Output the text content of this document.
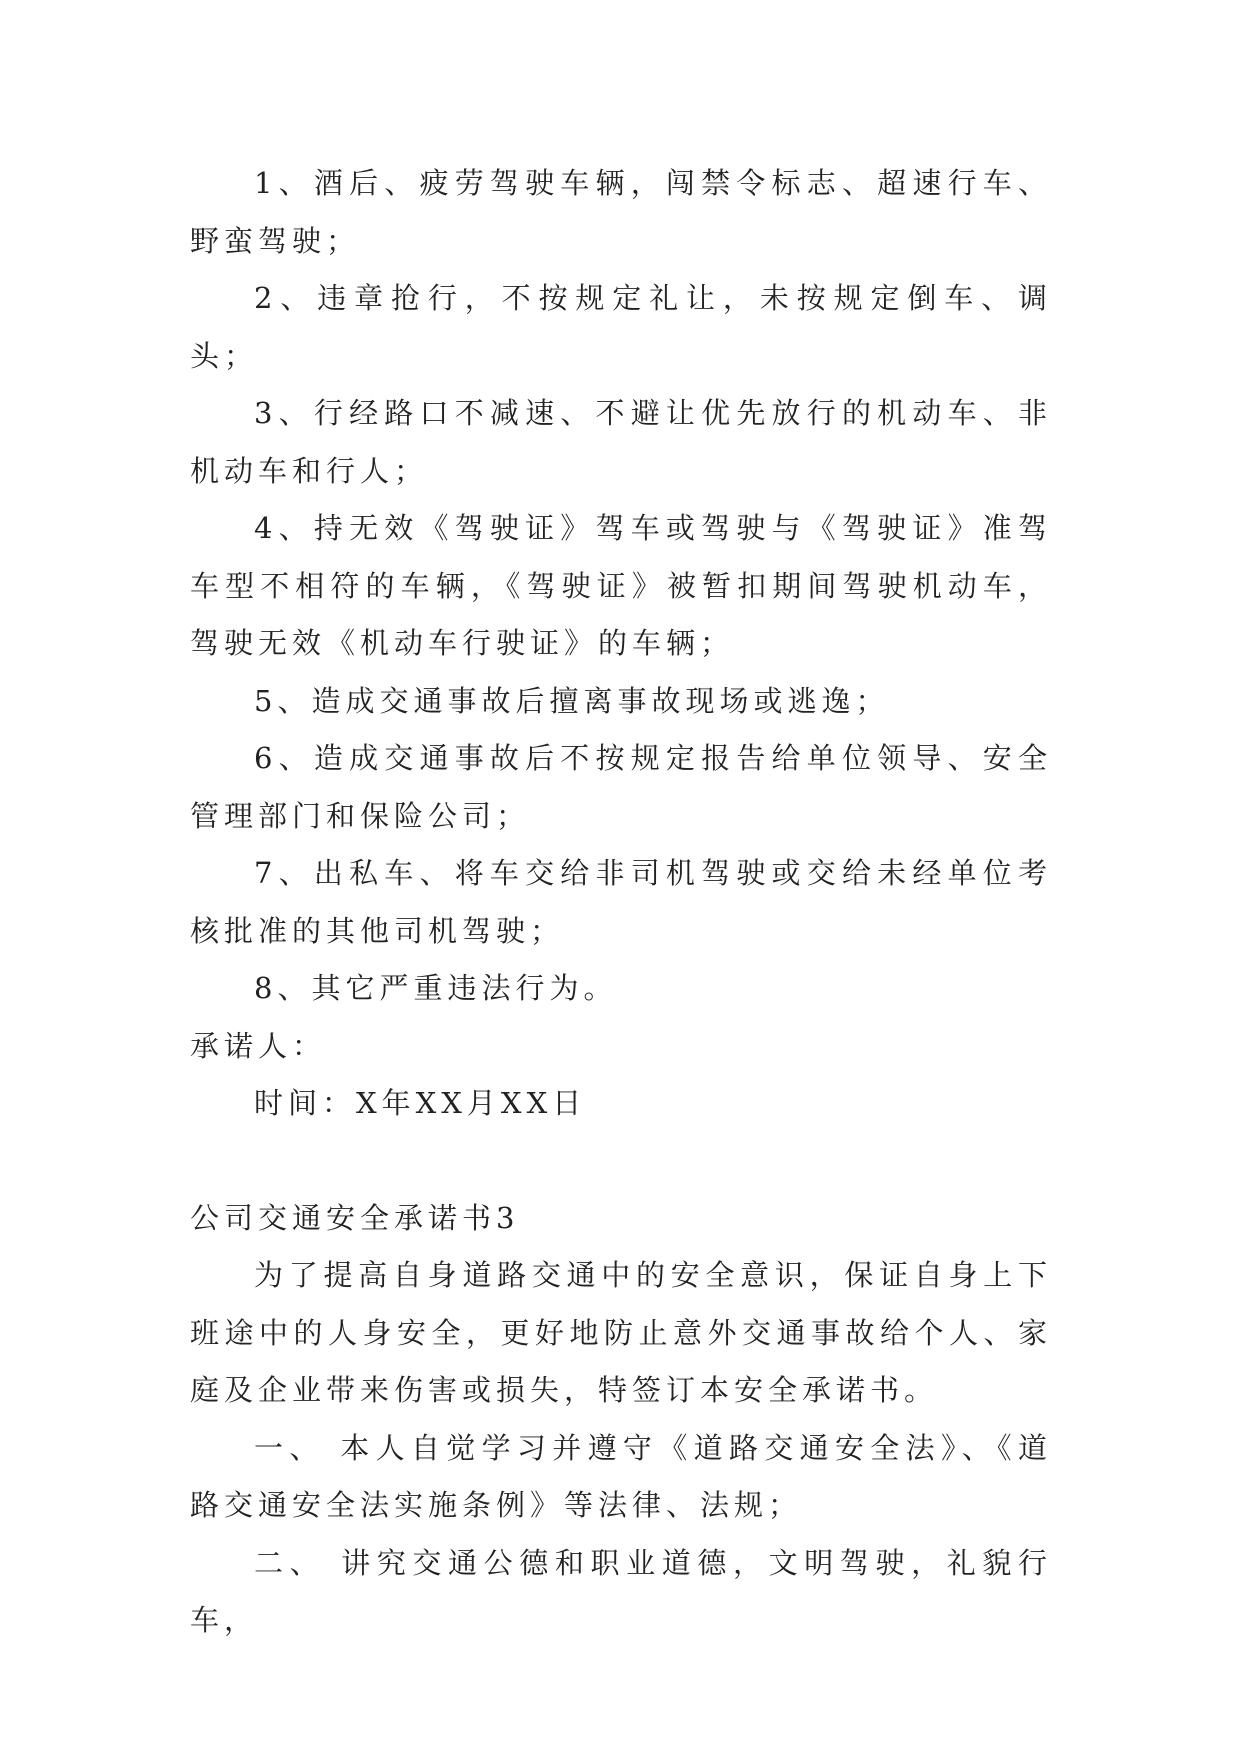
1、酒后、疲劳驾驶车辆，闯禁令标志、超速行车、野蛮驾驶；

2、违章抢行，不按规定礼让，未按规定倒车、调头；

3、行经路口不减速、不避让优先放行的机动车、非机动车和行人；

4、持无效《驾驶证》驾车或驾驶与《驾驶证》准驾车型不相符的车辆，《驾驶证》被暂扣期间驾驶机动车，驾驶无效《机动车行驶证》的车辆；

5、造成交通事故后擅离事故现场或逃逸；

6、造成交通事故后不按规定报告给单位领导、安全管理部门和保险公司；

7、出私车、将车交给非司机驾驶或交给未经单位考核批准的其他司机驾驶；

8、其它严重违法行为。

承诺人：

时间：X年XX月XX日

公司交通安全承诺书3

为了提高自身道路交通中的安全意识，保证自身上下班途中的人身安全，更好地防止意外交通事故给个人、家庭及企业带来伤害或损失，特签订本安全承诺书。

一、 本人自觉学习并遵守《道路交通安全法》、《道路交通安全法实施条例》等法律、法规；

二、 讲究交通公德和职业道德，文明驾驶，礼貌行车，
